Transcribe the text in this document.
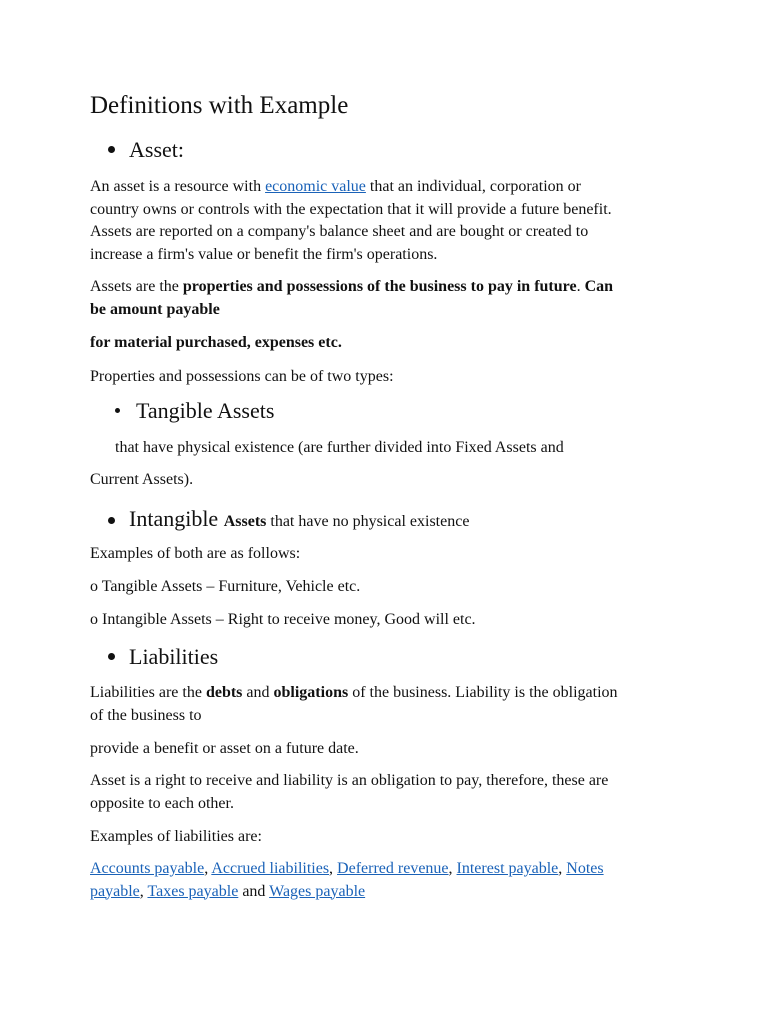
Definitions with Example
Asset:

An asset is a resource with economic value that an individual, corporation or
country owns or controls with the expectation that it will provide a future benefit.
Assets are reported on a company's balance sheet and are bought or created to
increase a firm's value or benefit the firm's operations.

Assets are the properties and possessions of the business to pay in future. Can
be amount payable

for material purchased, expenses etc.

Properties and possessions can be of two types:

Tangible Assets

that have physical existence (are further divided into Fixed Assets and

Current Assets).

Intangible Assets that have no physical existence

Examples of both are as follows:

o Tangible Assets – Furniture, Vehicle etc.

o Intangible Assets – Right to receive money, Good will etc.

Liabilities

Liabilities are the debts and obligations of the business. Liability is the obligation
of the business to

provide a benefit or asset on a future date.

Asset is a right to receive and liability is an obligation to pay, therefore, these are
opposite to each other.

Examples of liabilities are:

Accounts payable, Accrued liabilities, Deferred revenue, Interest payable, Notes
payable, Taxes payable and Wages payable
